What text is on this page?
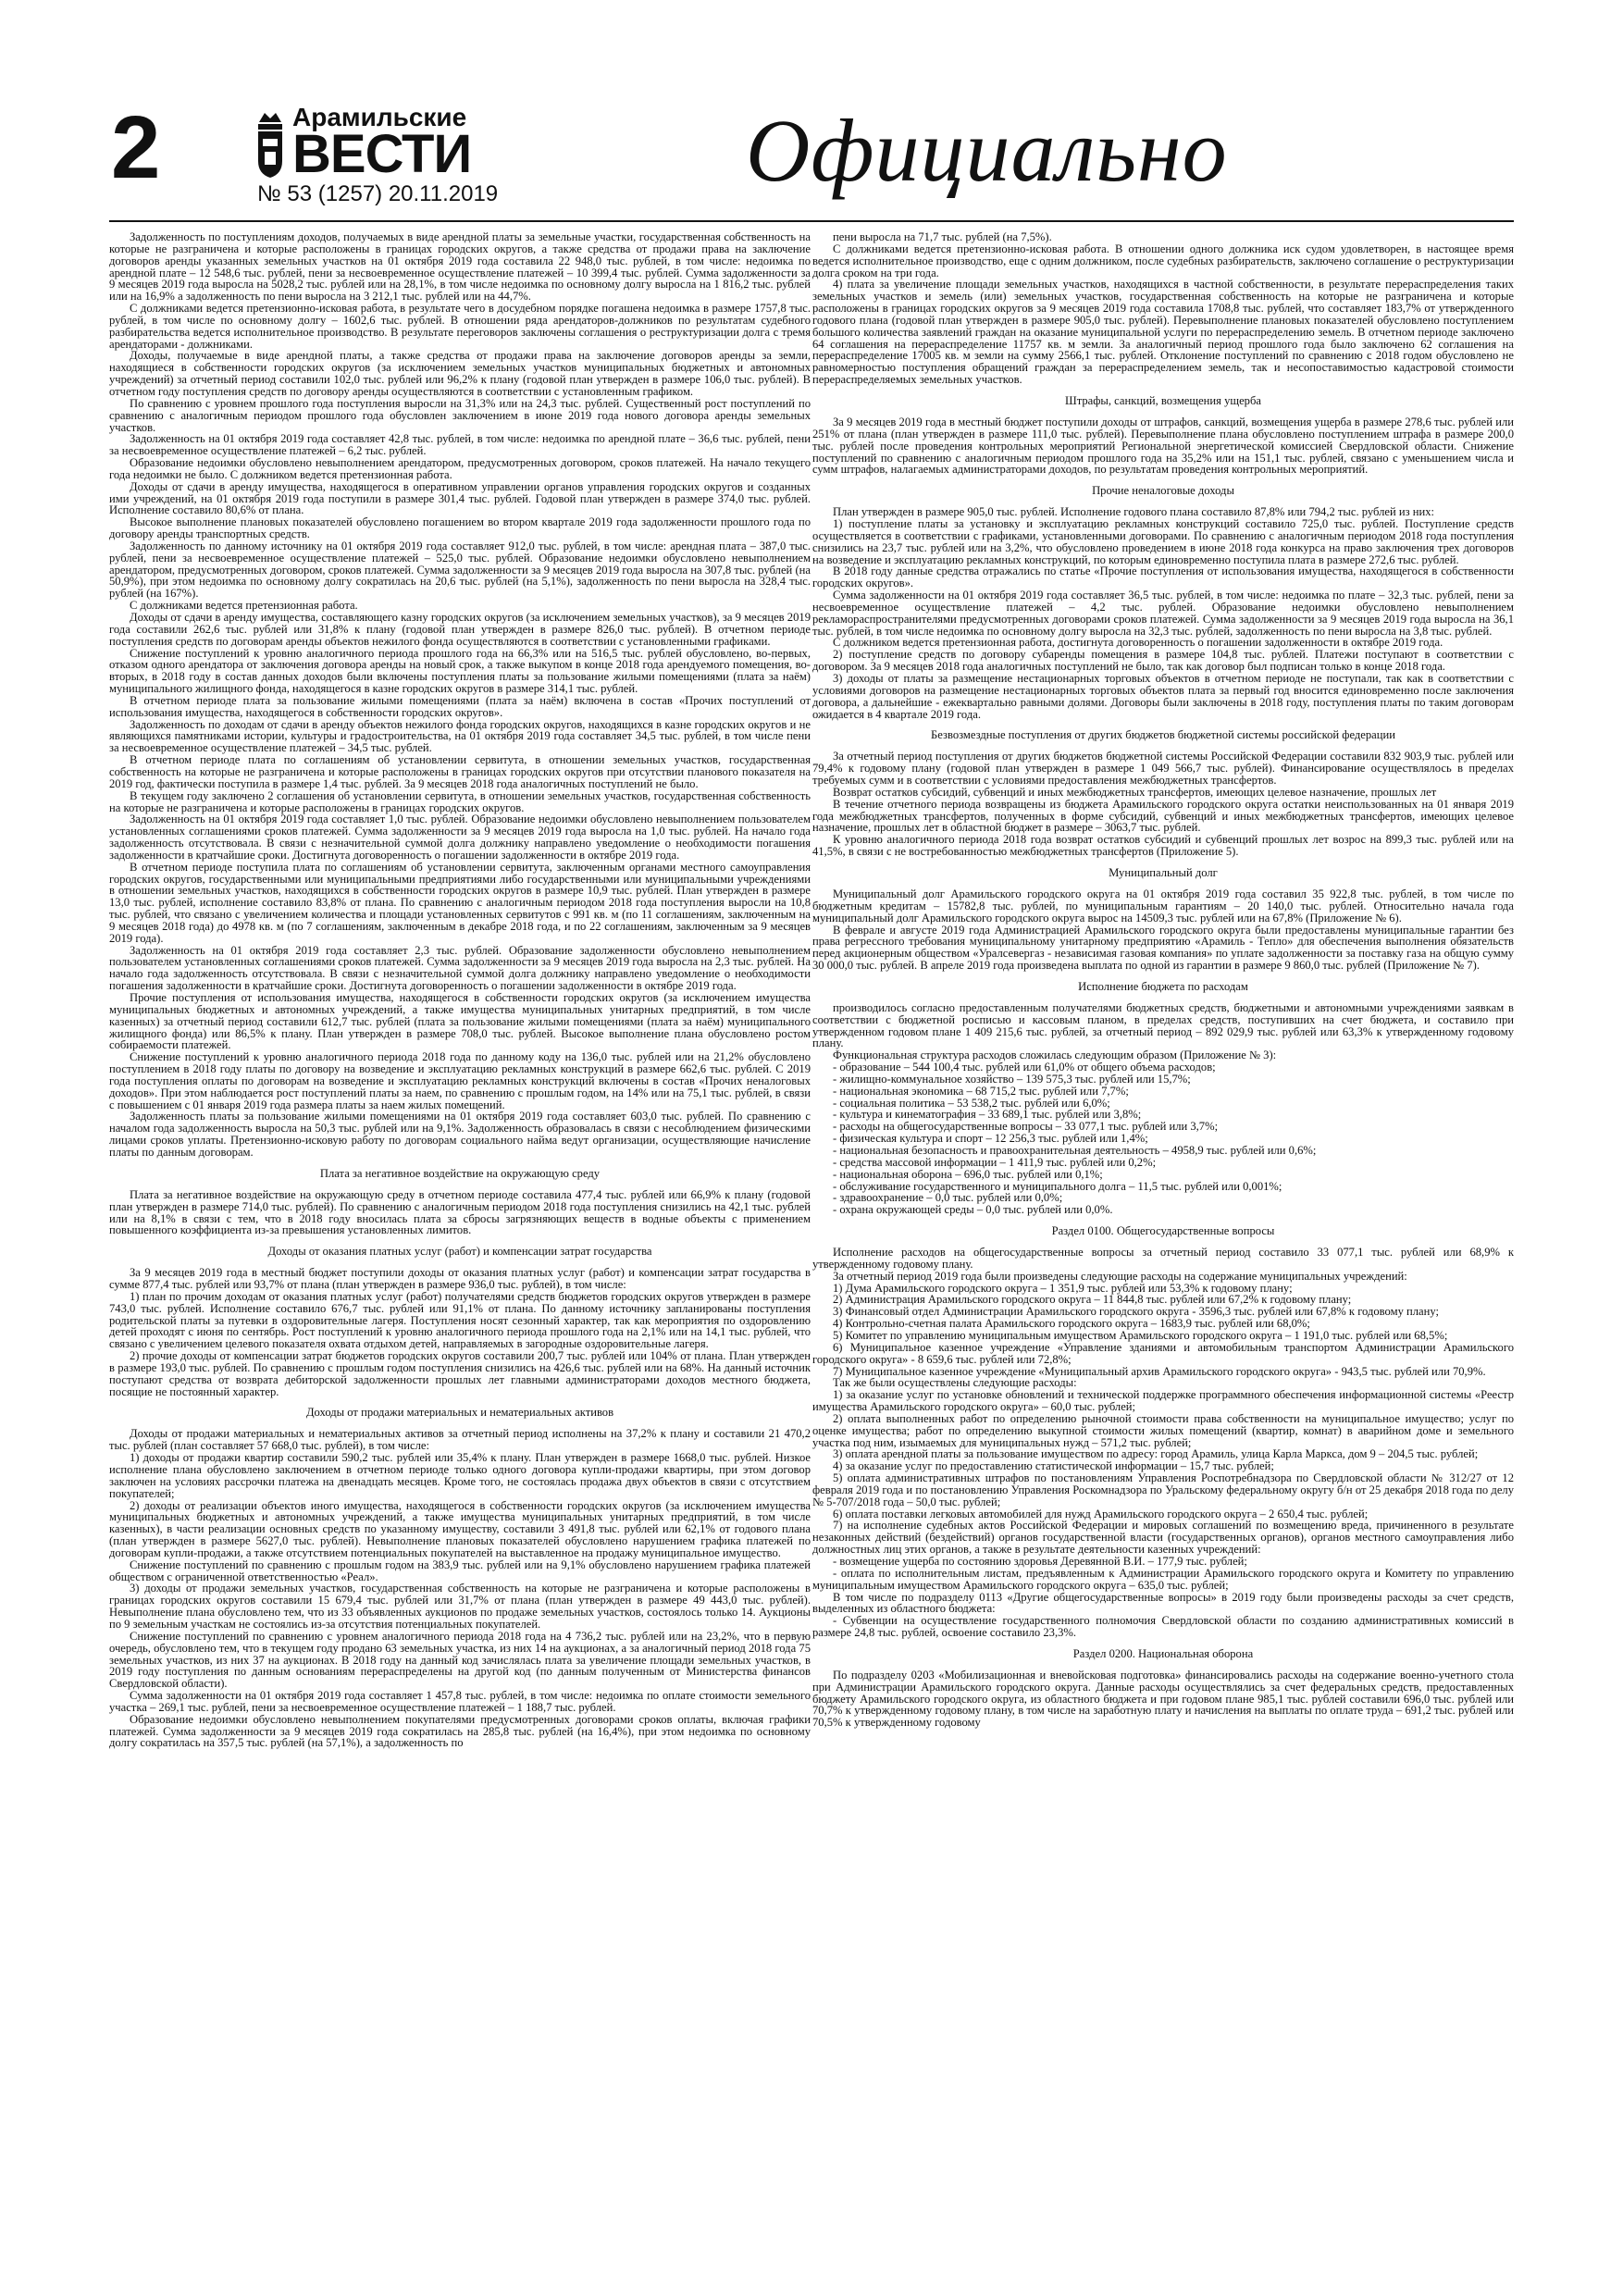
2	Арамильские
ВЕСТИ
№ 53 (1257) 20.11.2019	Официально

Задолженность по поступлениям доходов, получаемых в виде арендной платы за земельные участки, государственная собственность на которые не разграничена и которые расположены в границах городских округов, а также средства от продажи права на заключение договоров аренды указанных земельных участков на 01 октября 2019 года составила 22 948,0 тыс. рублей, в том числе: недоимка по арендной плате – 12 548,6 тыс. рублей, пени за несвоевременное осуществление платежей – 10 399,4 тыс. рублей. Сумма задолженности за 9 месяцев 2019 года выросла на 5028,2 тыс. рублей или на 28,1%, в том числе недоимка по основному долгу выросла на 1 816,2 тыс. рублей или на 16,9% а задолженность по пени выросла на 3 212,1 тыс. рублей или на 44,7%.

С должниками ведется претензионно-исковая работа, в результате чего в досудебном порядке погашена недоимка в размере 1757,8 тыс. рублей, в том числе по основному долгу – 1602,6 тыс. рублей. В отношении ряда арендаторов-должников по результатам судебного разбирательства ведется исполнительное производство. В результате переговоров заключены соглашения о реструктуризации долга с тремя арендаторами - должниками.

Доходы, получаемые в виде арендной платы, а также средства от продажи права на заключение договоров аренды за земли, находящиеся в собственности городских округов (за исключением земельных участков муниципальных бюджетных и автономных учреждений) за отчетный период составили 102,0 тыс. рублей или 96,2% к плану (годовой план утвержден в размере 106,0 тыс. рублей). В отчетном году поступления средств по договору аренды осуществляются в соответствии с установленным графиком.

По сравнению с уровнем прошлого года поступления выросли на 31,3% или на 24,3 тыс. рублей. Существенный рост поступлений по сравнению с аналогичным периодом прошлого года обусловлен заключением в июне 2019 года нового договора аренды земельных участков.

Задолженность на 01 октября 2019 года составляет 42,8 тыс. рублей, в том числе: недоимка по арендной плате – 36,6 тыс. рублей, пени за несвоевременное осуществление платежей – 6,2 тыс. рублей.

Образование недоимки обусловлено невыполнением арендатором, предусмотренных договором, сроков платежей. На начало текущего года недоимки не было. С должником ведется претензионная работа.

Доходы от сдачи в аренду имущества, находящегося в оперативном управлении органов управления городских округов и созданных ими учреждений, на 01 октября 2019 года поступили в размере 301,4 тыс. рублей. Годовой план утвержден в размере 374,0 тыс. рублей. Исполнение составило 80,6% от плана.

Высокое выполнение плановых показателей обусловлено погашением во втором квартале 2019 года задолженности прошлого года по договору аренды транспортных средств.

Задолженность по данному источнику на 01 октября 2019 года составляет 912,0 тыс. рублей, в том числе: арендная плата – 387,0 тыс. рублей, пени за несвоевременное осуществление платежей – 525,0 тыс. рублей. Образование недоимки обусловлено невыполнением арендатором, предусмотренных договором, сроков платежей. Сумма задолженности за 9 месяцев 2019 года выросла на 307,8 тыс. рублей (на 50,9%), при этом недоимка по основному долгу сократилась на 20,6 тыс. рублей (на 5,1%), задолженность по пени выросла на 328,4 тыс. рублей (на 167%).

С должниками ведется претензионная работа.

Доходы от сдачи в аренду имущества, составляющего казну городских округов (за исключением земельных участков), за 9 месяцев 2019 года составили 262,6 тыс. рублей или 31,8% к плану (годовой план утвержден в размере 826,0 тыс. рублей). В отчетном периоде поступления средств по договорам аренды объектов нежилого фонда осуществляются в соответствии с установленными графиками.

Снижение поступлений к уровню аналогичного периода прошлого года на 66,3% или на 516,5 тыс. рублей обусловлено, во-первых, отказом одного арендатора от заключения договора аренды на новый срок, а также выкупом в конце 2018 года арендуемого помещения, во-вторых, в 2018 году в состав данных доходов были включены поступления платы за пользование жилыми помещениями (плата за наём) муниципального жилищного фонда, находящегося в казне городских округов в размере 314,1 тыс. рублей.

В отчетном периоде плата за пользование жилыми помещениями (плата за наём) включена в состав «Прочих поступлений от использования имущества, находящегося в собственности городских округов».

Задолженность по доходам от сдачи в аренду объектов нежилого фонда городских округов, находящихся в казне городских округов и не являющихся памятниками истории, культуры и градостроительства, на 01 октября 2019 года составляет 34,5 тыс. рублей, в том числе пени за несвоевременное осуществление платежей – 34,5 тыс. рублей.

В отчетном периоде плата по соглашениям об установлении сервитута, в отношении земельных участков, государственная собственность на которые не разграничена и которые расположены в границах городских округов при отсутствии планового показателя на 2019 год, фактически поступила в размере 1,4 тыс. рублей. За 9 месяцев 2018 года аналогичных поступлений не было.

В текущем году заключено 2 соглашения об установлении сервитута, в отношении земельных участков, государственная собственность на которые не разграничена и которые расположены в границах городских округов.

Задолженность на 01 октября 2019 года составляет 1,0 тыс. рублей. Образование недоимки обусловлено невыполнением пользователем установленных соглашениями сроков платежей. Сумма задолженности за 9 месяцев 2019 года выросла на 1,0 тыс. рублей. На начало года задолженность отсутствовала. В связи с незначительной суммой долга должнику направлено уведомление о необходимости погашения задолженности в кратчайшие сроки. Достигнута договоренность о погашении задолженности в октябре 2019 года.

В отчетном периоде поступила плата по соглашениям об установлении сервитута, заключенным органами местного самоуправления городских округов, государственными или муниципальными предприятиями либо государственными или муниципальными учреждениями в отношении земельных участков, находящихся в собственности городских округов в размере 10,9 тыс. рублей. План утвержден в размере 13,0 тыс. рублей, исполнение составило 83,8% от плана. По сравнению с аналогичным периодом 2018 года поступления выросли на 10,8 тыс. рублей, что связано с увеличением количества и площади установленных сервитутов с 991 кв. м (по 11 соглашениям, заключенным на 9 месяцев 2018 года) до 4978 кв. м (по 7 соглашениям, заключенным в декабре 2018 года, и по 22 соглашениям, заключенным за 9 месяцев 2019 года).

Задолженность на 01 октября 2019 года составляет 2,3 тыс. рублей. Образование задолженности обусловлено невыполнением пользователем установленных соглашениями сроков платежей. Сумма задолженности за 9 месяцев 2019 года выросла на 2,3 тыс. рублей. На начало года задолженность отсутствовала. В связи с незначительной суммой долга должнику направлено уведомление о необходимости погашения задолженности в кратчайшие сроки. Достигнута договоренность о погашении задолженности в октябре 2019 года.

Прочие поступления от использования имущества, находящегося в собственности городских округов (за исключением имущества муниципальных бюджетных и автономных учреждений, а также имущества муниципальных унитарных предприятий, в том числе казенных) за отчетный период составили 612,7 тыс. рублей (плата за пользование жилыми помещениями (плата за наём) муниципального жилищного фонда) или 86,5% к плану. План утвержден в размере 708,0 тыс. рублей. Высокое выполнение плана обусловлено ростом собираемости платежей.

Снижение поступлений к уровню аналогичного периода 2018 года по данному коду на 136,0 тыс. рублей или на 21,2% обусловлено поступлением в 2018 году платы по договору на возведение и эксплуатацию рекламных конструкций в размере 662,6 тыс. рублей. С 2019 года поступления оплаты по договорам на возведение и эксплуатацию рекламных конструкций включены в состав «Прочих неналоговых доходов». При этом наблюдается рост поступлений платы за наем, по сравнению с прошлым годом, на 14% или на 75,1 тыс. рублей, в связи с повышением с 01 января 2019 года размера платы за наем жилых помещений.

Задолженность платы за пользование жилыми помещениями на 01 октября 2019 года составляет 603,0 тыс. рублей. По сравнению с началом года задолженность выросла на 50,3 тыс. рублей или на 9,1%. Задолженность образовалась в связи с несоблюдением физическими лицами сроков уплаты. Претензионно-исковую работу по договорам социального найма ведут организации, осуществляющие начисление платы по данным договорам.

Плата за негативное воздействие на окружающую среду

Плата за негативное воздействие на окружающую среду в отчетном периоде составила 477,4 тыс. рублей или 66,9% к плану (годовой план утвержден в размере 714,0 тыс. рублей). По сравнению с аналогичным периодом 2018 года поступления снизились на 42,1 тыс. рублей или на 8,1% в связи с тем, что в 2018 году вносилась плата за сбросы загрязняющих веществ в водные объекты с применением повышенного коэффициента из-за превышения установленных лимитов.

Доходы от оказания платных услуг (работ) и компенсации затрат государства

За 9 месяцев 2019 года в местный бюджет поступили доходы от оказания платных услуг (работ) и компенсации затрат государства в сумме 877,4 тыс. рублей или 93,7% от плана (план утвержден в размере 936,0 тыс. рублей), в том числе:

1) план по прочим доходам от оказания платных услуг (работ) получателями средств бюджетов городских округов утвержден в размере 743,0 тыс. рублей. Исполнение составило 676,7 тыс. рублей или 91,1% от плана. По данному источнику запланированы поступления родительской платы за путевки в оздоровительные лагеря. Поступления носят сезонный характер, так как мероприятия по оздоровлению детей проходят с июня по сентябрь. Рост поступлений к уровню аналогичного периода прошлого года на 2,1% или на 14,1 тыс. рублей, что связано с увеличением целевого показателя охвата отдыхом детей, направляемых в загородные оздоровительные лагеря.

2) прочие доходы от компенсации затрат бюджетов городских округов составили 200,7 тыс. рублей или 104% от плана. План утвержден в размере 193,0 тыс. рублей. По сравнению с прошлым годом поступления снизились на 426,6 тыс. рублей или на 68%. На данный источник поступают средства от возврата дебиторской задолженности прошлых лет главными администраторами доходов местного бюджета, посящие не постоянный характер.

Доходы от продажи материальных и нематериальных активов

Доходы от продажи материальных и нематериальных активов за отчетный период исполнены на 37,2% к плану и составили 21 470,2 тыс. рублей (план составляет 57 668,0 тыс. рублей), в том числе:

1) доходы от продажи квартир составили 590,2 тыс. рублей или 35,4% к плану. План утвержден в размере 1668,0 тыс. рублей. Низкое исполнение плана обусловлено заключением в отчетном периоде только одного договора купли-продажи квартиры, при этом договор заключен на условиях рассрочки платежа на двенадцать месяцев. Кроме того, не состоялась продажа двух объектов в связи с отсутствием покупателей;

2) доходы от реализации объектов иного имущества, находящегося в собственности городских округов (за исключением имущества муниципальных бюджетных и автономных учреждений, а также имущества муниципальных унитарных предприятий, в том числе казенных), в части реализации основных средств по указанному имуществу, составили 3 491,8 тыс. рублей или 62,1% от годового плана (план утвержден в размере 5627,0 тыс. рублей). Невыполнение плановых показателей обусловлено нарушением графика платежей по договорам купли-продажи, а также отсутствием потенциальных покупателей на выставленное на продажу муниципальное имущество.

Снижение поступлений по сравнению с прошлым годом на 383,9 тыс. рублей или на 9,1% обусловлено нарушением графика платежей обществом с ограниченной ответственностью «Реал».

3) доходы от продажи земельных участков, государственная собственность на которые не разграничена и которые расположены в границах городских округов составили 15 679,4 тыс. рублей или 31,7% от плана (план утвержден в размере 49 443,0 тыс. рублей). Невыполнение плана обусловлено тем, что из 33 объявленных аукционов по продаже земельных участков, состоялось только 14. Аукционы по 9 земельным участкам не состоялись из-за отсутствия потенциальных покупателей.

Снижение поступлений по сравнению с уровнем аналогичного периода 2018 года на 4 736,2 тыс. рублей или на 23,2%, что в первую очередь, обусловлено тем, что в текущем году продано 63 земельных участка, из них 14 на аукционах, а за аналогичный период 2018 года 75 земельных участков, из них 37 на аукционах. В 2018 году на данный код зачислялась плата за увеличение площади земельных участков, в 2019 году поступления по данным основаниям перераспределены на другой код (по данным полученным от Министерства финансов Свердловской области).

Сумма задолженности на 01 октября 2019 года составляет 1 457,8 тыс. рублей, в том числе: недоимка по оплате стоимости земельного участка – 269,1 тыс. рублей, пени за несвоевременное осуществление платежей – 1 188,7 тыс. рублей.

Образование недоимки обусловлено невыполнением покупателями предусмотренных договорами сроков оплаты, включая графики платежей. Сумма задолженности за 9 месяцев 2019 года сократилась на 285,8 тыс. рублей (на 16,4%), при этом недоимка по основному долгу сократилась на 357,5 тыс. рублей (на 57,1%), а задолженность по

пени выросла на 71,7 тыс. рублей (на 7,5%).

С должниками ведется претензионно-исковая работа. В отношении одного должника иск судом удовлетворен, в настоящее время ведется исполнительное производство, еще с одним должником, после судебных разбирательств, заключено соглашение о реструктуризации долга сроком на три года.

4) плата за увеличение площади земельных участков, находящихся в частной собственности, в результате перераспределения таких земельных участков и земель (или) земельных участков, государственная собственность на которые не разграничена и которые расположены в границах городских округов за 9 месяцев 2019 года составила 1708,8 тыс. рублей, что составляет 183,7% от утвержденного годового плана (годовой план утвержден в размере 905,0 тыс. рублей). Перевыполнение плановых показателей обусловлено поступлением большого количества заявлений граждан на оказание муниципальной услуги по перераспределению земель. В отчетном периоде заключено 64 соглашения на перераспределение 11757 кв. м земли. За аналогичный период прошлого года было заключено 62 соглашения на перераспределение 17005 кв. м земли на сумму 2566,1 тыс. рублей. Отклонение поступлений по сравнению с 2018 годом обусловлено не равномерностью поступления обращений граждан за перераспределением земель, так и несопоставимостью кадастровой стоимости перераспределяемых земельных участков.

Штрафы, санкций, возмещения ущерба

За 9 месяцев 2019 года в местный бюджет поступили доходы от штрафов, санкций, возмещения ущерба в размере 278,6 тыс. рублей или 251% от плана (план утвержден в размере 111,0 тыс. рублей). Перевыполнение плана обусловлено поступлением штрафа в размере 200,0 тыс. рублей после проведения контрольных мероприятий Региональной энергетической комиссией Свердловской области. Снижение поступлений по сравнению с аналогичным периодом прошлого года на 35,2% или на 151,1 тыс. рублей, связано с уменьшением числа и сумм штрафов, налагаемых администраторами доходов, по результатам проведения контрольных мероприятий.

Прочие неналоговые доходы

План утвержден в размере 905,0 тыс. рублей. Исполнение годового плана составило 87,8% или 794,2 тыс. рублей из них:

1) поступление платы за установку и эксплуатацию рекламных конструкций составило 725,0 тыс. рублей. Поступление средств осуществляется в соответствии с графиками, установленными договорами. По сравнению с аналогичным периодом 2018 года поступления снизились на 23,7 тыс. рублей или на 3,2%, что обусловлено проведением в июне 2018 года конкурса на право заключения трех договоров на возведение и эксплуатацию рекламных конструкций, по которым единовременно поступила плата в размере 272,6 тыс. рублей.

В 2018 году данные средства отражались по статье «Прочие поступления от использования имущества, находящегося в собственности городских округов».

Сумма задолженности на 01 октября 2019 года составляет 36,5 тыс. рублей, в том числе: недоимка по плате – 32,3 тыс. рублей, пени за несвоевременное осуществление платежей – 4,2 тыс. рублей. Образование недоимки обусловлено невыполнением рекламораспространителями предусмотренных договорами сроков платежей. Сумма задолженности за 9 месяцев 2019 года выросла на 36,1 тыс. рублей, в том числе недоимка по основному долгу выросла на 32,3 тыс. рублей, задолженность по пени выросла на 3,8 тыс. рублей.

С должником ведется претензионная работа, достигнута договоренность о погашении задолженности в октябре 2019 года.

2) поступление средств по договору субаренды помещения в размере 104,8 тыс. рублей. Платежи поступают в соответствии с договором. За 9 месяцев 2018 года аналогичных поступлений не было, так как договор был подписан только в конце 2018 года.

3) доходы от платы за размещение нестационарных торговых объектов в отчетном периоде не поступали, так как в соответствии с условиями договоров на размещение нестационарных торговых объектов плата за первый год вносится единовременно после заключения договора, а дальнейшие - ежеквартально равными долями. Договоры были заключены в 2018 году, поступления платы по таким договорам ожидается в 4 квартале 2019 года.

Безвозмездные поступления от других бюджетов бюджетной системы российской федерации

За отчетный период поступления от других бюджетов бюджетной системы Российской Федерации составили 832 903,9 тыс. рублей или 79,4% к годовому плану (годовой план утвержден в размере 1 049 566,7 тыс. рублей). Финансирование осуществлялось в пределах требуемых сумм и в соответствии с условиями предоставления межбюджетных трансфертов.

Возврат остатков субсидий, субвенций и иных межбюджетных трансфертов, имеющих целевое назначение, прошлых лет

В течение отчетного периода возвращены из бюджета Арамильского городского округа остатки неиспользованных на 01 января 2019 года межбюджетных трансфертов, полученных в форме субсидий, субвенций и иных межбюджетных трансфертов, имеющих целевое назначение, прошлых лет в областной бюджет в размере – 3063,7 тыс. рублей.

К уровню аналогичного периода 2018 года возврат остатков субсидий и субвенций прошлых лет возрос на 899,3 тыс. рублей или на 41,5%, в связи с не востребованностью межбюджетных трансфертов (Приложение 5).

Муниципальный долг

Муниципальный долг Арамильского городского округа на 01 октября 2019 года составил 35 922,8 тыс. рублей, в том числе по бюджетным кредитам – 15782,8 тыс. рублей, по муниципальным гарантиям – 20 140,0 тыс. рублей. Относительно начала года муниципальный долг Арамильского городского округа вырос на 14509,3 тыс. рублей или на 67,8% (Приложение № 6).

В феврале и августе 2019 года Администрацией Арамильского городского округа были предоставлены муниципальные гарантии без права регрессного требования муниципальному унитарному предприятию «Арамиль - Тепло» для обеспечения выполнения обязательств перед акционерным обществом «Уралсевергаз - независимая газовая компания» по уплате задолженности за поставку газа на общую сумму 30 000,0 тыс. рублей. В апреле 2019 года произведена выплата по одной из гарантии в размере 9 860,0 тыс. рублей (Приложение № 7).

Исполнение бюджета по расходам

производилось согласно предоставленным получателями бюджетных средств, бюджетными и автономными учреждениями заявкам в соответствии с бюджетной росписью и кассовым планом, в пределах средств, поступивших на счет бюджета, и составило при утвержденном годовом плане 1 409 215,6 тыс. рублей, за отчетный период – 892 029,9 тыс. рублей или 63,3% к утвержденному годовому плану.

Функциональная структура расходов сложилась следующим образом (Приложение № 3):

- образование – 544 100,4 тыс. рублей или 61,0% от общего объема расходов;

- жилищно-коммунальное хозяйство – 139 575,3 тыс. рублей или 15,7%;

- национальная экономика – 68 715,2 тыс. рублей или 7,7%;

- социальная политика – 53 538,2 тыс. рублей или 6,0%;

- культура и кинематография – 33 689,1 тыс. рублей или 3,8%;

- расходы на общегосударственные вопросы – 33 077,1 тыс. рублей или 3,7%;

- физическая культура и спорт – 12 256,3 тыс. рублей или 1,4%;

- национальная безопасность и правоохранительная деятельность – 4958,9 тыс. рублей или 0,6%;

- средства массовой информации – 1 411,9 тыс. рублей или 0,2%;

- национальная оборона – 696,0 тыс. рублей или 0,1%;

- обслуживание государственного и муниципального долга – 11,5 тыс. рублей или 0,001%;

- здравоохранение – 0,0 тыс. рублей или 0,0%;

- охрана окружающей среды – 0,0 тыс. рублей или 0,0%.

Раздел 0100. Общегосударственные вопросы

Исполнение расходов на общегосударственные вопросы за отчетный период составило 33 077,1 тыс. рублей или 68,9% к утвержденному годовому плану.

За отчетный период 2019 года были произведены следующие расходы на содержание муниципальных учреждений:

1) Дума Арамильского городского округа – 1 351,9 тыс. рублей или 53,3% к годовому плану;

2) Администрация Арамильского городского округа – 11 844,8 тыс. рублей или 67,2% к годовому плану;

3) Финансовый отдел Администрации Арамильского городского округа - 3596,3 тыс. рублей или 67,8% к годовому плану;

4) Контрольно-счетная палата Арамильского городского округа – 1683,9 тыс. рублей или 68,0%;

5) Комитет по управлению муниципальным имуществом Арамильского городского округа – 1 191,0 тыс. рублей или 68,5%;

6) Муниципальное казенное учреждение «Управление зданиями и автомобильным транспортом Администрации Арамильского городского округа» - 8 659,6 тыс. рублей или 72,8%;

7) Муниципальное казенное учреждение «Муниципальный архив Арамильского городского округа» - 943,5 тыс. рублей или 70,9%.

Так же были осуществлены следующие расходы:

1) за оказание услуг по установке обновлений и технической поддержке программного обеспечения информационной системы «Реестр имущества Арамильского городского округа» – 60,0 тыс. рублей;

2) оплата выполненных работ по определению рыночной стоимости права собственности на муниципальное имущество; услуг по оценке имущества; работ по определению выкупной стоимости жилых помещений (квартир, комнат) в аварийном доме и земельного участка под ним, изымаемых для муниципальных нужд – 571,2 тыс. рублей;

3) оплата арендной платы за пользование имуществом по адресу: город Арамиль, улица Карла Маркса, дом 9 – 204,5 тыс. рублей;

4) за оказание услуг по предоставлению статистической информации – 15,7 тыс. рублей;

5) оплата административных штрафов по постановлениям Управления Роспотребнадзора по Свердловской области № 312/27 от 12 февраля 2019 года и по постановлению Управления Роскомнадзора по Уральскому федеральному округу б/н от 25 декабря 2018 года по делу № 5-707/2018 года – 50,0 тыс. рублей;

6) оплата поставки легковых автомобилей для нужд Арамильского городского округа – 2 650,4 тыс. рублей;

7) на исполнение судебных актов Российской Федерации и мировых соглашений по возмещению вреда, причиненного в результате незаконных действий (бездействий) органов государственной власти (государственных органов), органов местного самоуправления либо должностных лиц этих органов, а также в результате деятельности казенных учреждений:

- возмещение ущерба по состоянию здоровья Деревянной В.И. – 177,9 тыс. рублей;

- оплата по исполнительным листам, предъявленным к Администрации Арамильского городского округа и Комитету по управлению муниципальным имуществом Арамильского городского округа – 635,0 тыс. рублей;

В том числе по подразделу 0113 «Другие общегосударственные вопросы» в 2019 году были произведены расходы за счет средств, выделенных из областного бюджета:

- Субвенции на осуществление государственного полномочия Свердловской области по созданию административных комиссий в размере 24,8 тыс. рублей, освоение составило 23,3%.

Раздел 0200. Национальная оборона

По подразделу 0203 «Мобилизационная и вневойсковая подготовка» финансировались расходы на содержание военно-учетного стола при Администрации Арамильского городского округа. Данные расходы осуществлялись за счет федеральных средств, предоставленных бюджету Арамильского городского округа, из областного бюджета и при годовом плане 985,1 тыс. рублей составили 696,0 тыс. рублей или 70,7% к утвержденному годовому плану, в том числе на заработную плату и начисления на выплаты по оплате труда – 691,2 тыс. рублей или 70,5% к утвержденному годовому
